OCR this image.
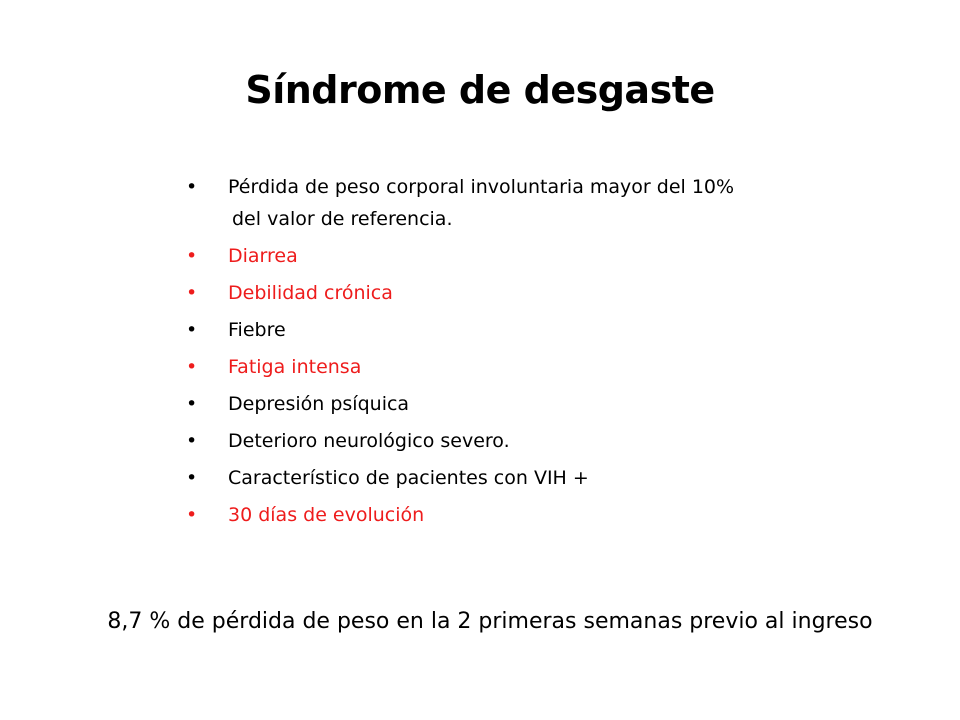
Síndrome de desgaste
• Pérdida de peso corporal involuntaria mayor del 10%
del valor de referencia.
• Diarrea
• Debilidad crónica
• Fiebre
• Fatiga intensa
• Depresión psíquica
• Deterioro neurológico severo.
• Característico de pacientes con VIH +
• 30 días de evolución
8,7 % de pérdida de peso en la 2 primeras semanas previo al ingreso
